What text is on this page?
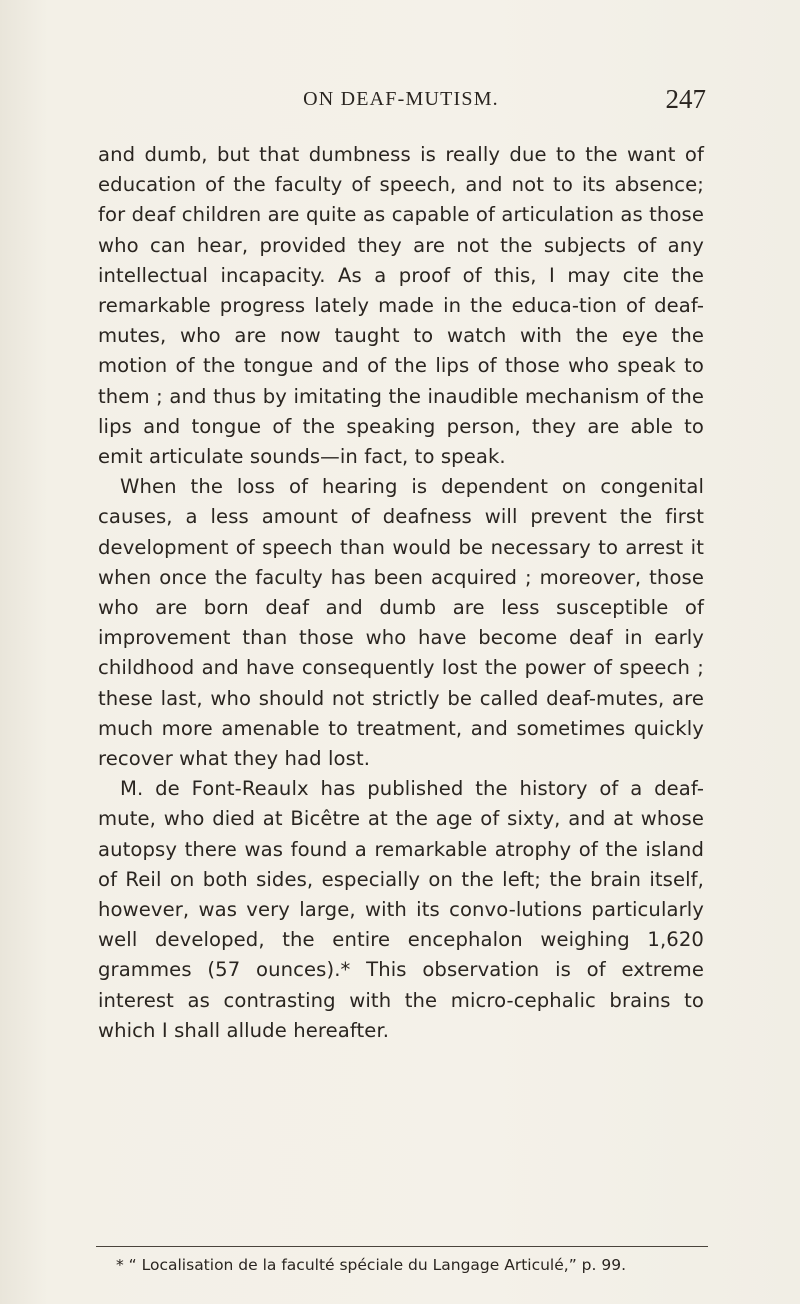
ON DEAF-MUTISM.	247

and dumb, but that dumbness is really due to the want of education of the faculty of speech, and not to its absence; for deaf children are quite as capable of articulation as those who can hear, provided they are not the subjects of any intellectual incapacity. As a proof of this, I may cite the remarkable progress lately made in the educa-tion of deaf-mutes, who are now taught to watch with the eye the motion of the tongue and of the lips of those who speak to them ; and thus by imitating the inaudible mechanism of the lips and tongue of the speaking person, they are able to emit articulate sounds—in fact, to speak.

When the loss of hearing is dependent on congenital causes, a less amount of deafness will prevent the first development of speech than would be necessary to arrest it when once the faculty has been acquired ; moreover, those who are born deaf and dumb are less susceptible of improvement than those who have become deaf in early childhood and have consequently lost the power of speech ; these last, who should not strictly be called deaf-mutes, are much more amenable to treatment, and sometimes quickly recover what they had lost.

M. de Font-Reaulx has published the history of a deaf-mute, who died at Bicêtre at the age of sixty, and at whose autopsy there was found a remarkable atrophy of the island of Reil on both sides, especially on the left; the brain itself, however, was very large, with its convo-lutions particularly well developed, the entire encephalon weighing 1,620 grammes (57 ounces).* This observation is of extreme interest as contrasting with the micro-cephalic brains to which I shall allude hereafter.

* “ Localisation de la faculté spéciale du Langage Articulé,” p. 99.
